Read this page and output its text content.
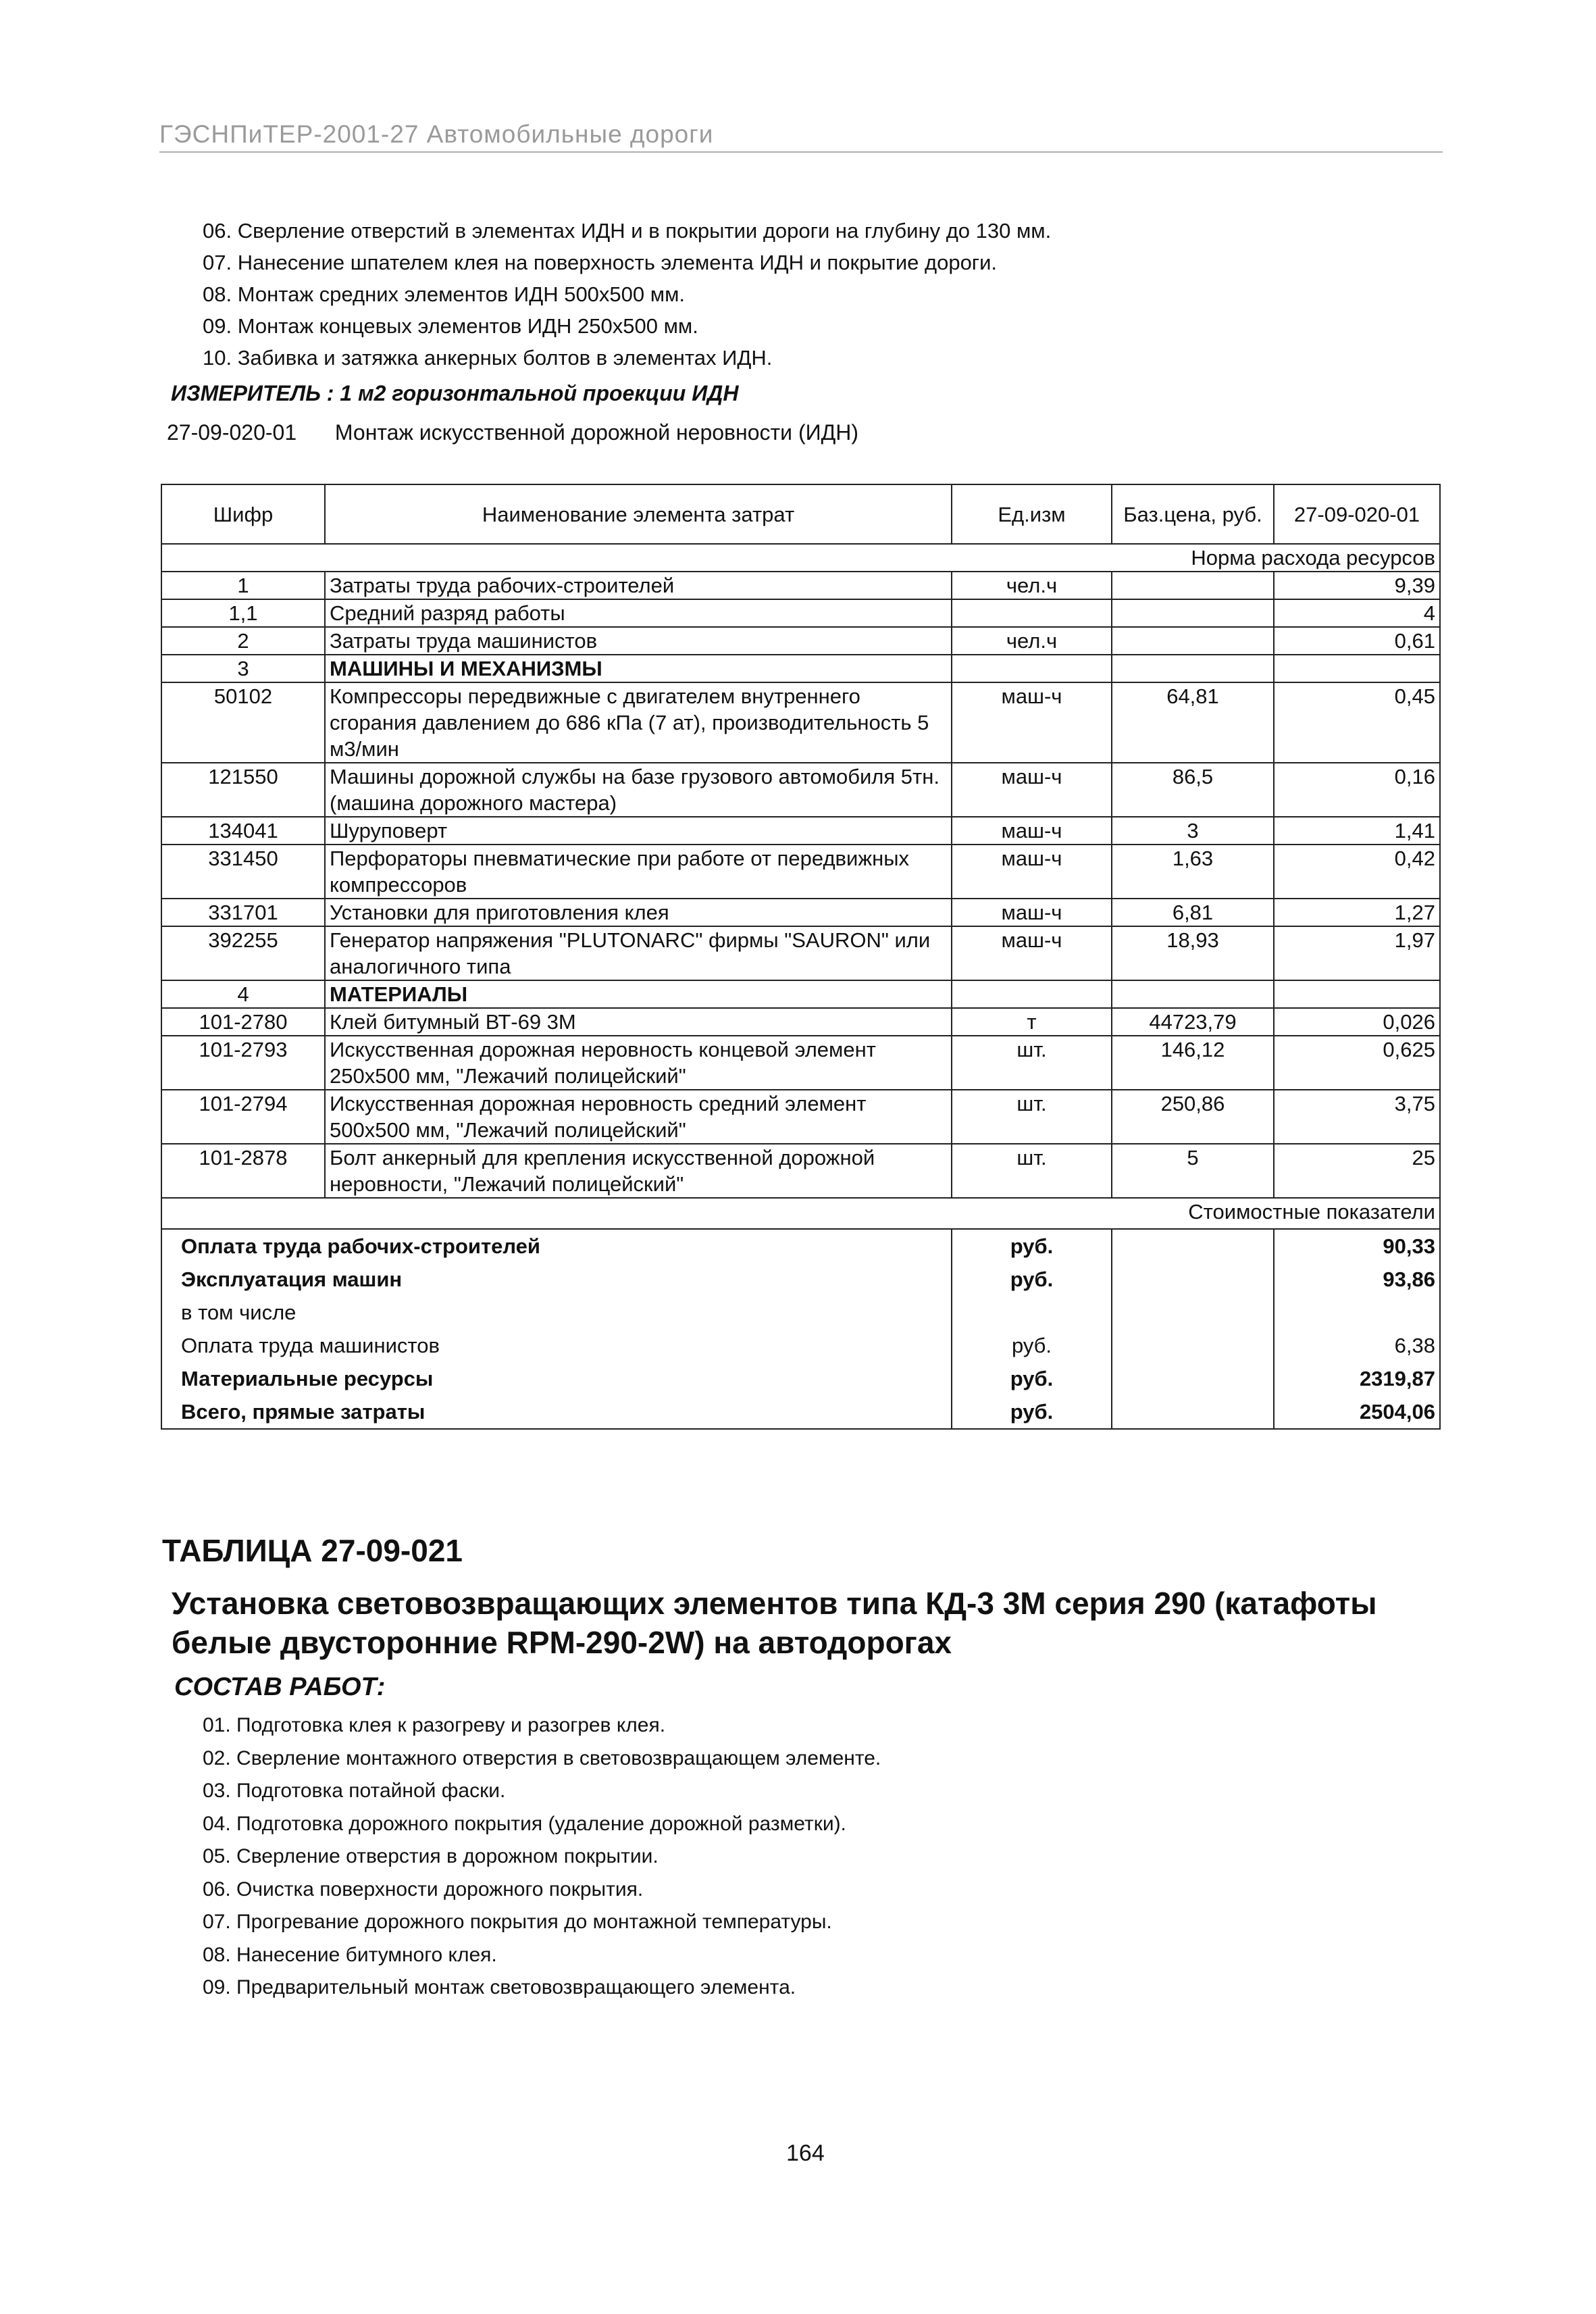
ГЭСНПиТЕР-2001-27 Автомобильные дороги
06. Сверление отверстий в элементах ИДН и в покрытии дороги на глубину до 130 мм.
07. Нанесение шпателем клея на поверхность элемента ИДН и покрытие дороги.
08. Монтаж средних элементов ИДН 500х500 мм.
09. Монтаж концевых элементов ИДН 250х500 мм.
10. Забивка и затяжка анкерных болтов в элементах ИДН.
ИЗМЕРИТЕЛЬ : 1 м2 горизонтальной проекции ИДН
27-09-020-01 Монтаж искусственной дорожной неровности (ИДН)
Шифр	Наименование элемента затрат	Ед.изм	Баз.цена, руб.	27-09-020-01
Норма расхода ресурсов				
1	Затраты труда рабочих-строителей	чел.ч		9,39
1,1	Средний разряд работы			4
2	Затраты труда машинистов	чел.ч		0,61
3	МАШИНЫ И МЕХАНИЗМЫ			
50102	Компрессоры передвижные с двигателем внутреннего сгорания давлением до 686 кПа (7 ат), производительность 5 м3/мин	маш-ч	64,81	0,45
121550	Машины дорожной службы на базе грузового автомобиля 5тн. (машина дорожного мастера)	маш-ч	86,5	0,16
134041	Шуруповерт	маш-ч	3	1,41
331450	Перфораторы пневматические при работе от передвижных компрессоров	маш-ч	1,63	0,42
331701	Установки для приготовления клея	маш-ч	6,81	1,27
392255	Генератор напряжения "PLUTONARC" фирмы "SAURON" или аналогичного типа	маш-ч	18,93	1,97
4	МАТЕРИАЛЫ			
101-2780	Клей битумный ВТ-69 3М	т	44723,79	0,026
101-2793	Искусственная дорожная неровность концевой элемент 250х500 мм, "Лежачий полицейский"	шт.	146,12	0,625
101-2794	Искусственная дорожная неровность средний элемент 500х500 мм, "Лежачий полицейский"	шт.	250,86	3,75
101-2878	Болт анкерный для крепления искусственной дорожной неровности, "Лежачий полицейский"	шт.	5	25
Стоимостные показатели				
Оплата труда рабочих-строителей		руб.		90,33
Эксплуатация машин		руб.		93,86
в том числе				
Оплата труда машинистов		руб.		6,38
Материальные ресурсы		руб.		2319,87
Всего, прямые затраты		руб.		2504,06
ТАБЛИЦА 27-09-021
Установка световозвращающих элементов типа КД-3 3М серия 290 (катафоты белые двусторонние RPM-290-2W) на автодорогах
СОСТАВ РАБОТ:
01. Подготовка клея к разогреву и разогрев клея.
02. Сверление монтажного отверстия в световозвращающем элементе.
03. Подготовка потайной фаски.
04. Подготовка дорожного покрытия (удаление дорожной разметки).
05. Сверление отверстия в дорожном покрытии.
06. Очистка поверхности дорожного покрытия.
07. Прогревание дорожного покрытия до монтажной температуры.
08. Нанесение битумного клея.
09. Предварительный монтаж световозвращающего элемента.
164
